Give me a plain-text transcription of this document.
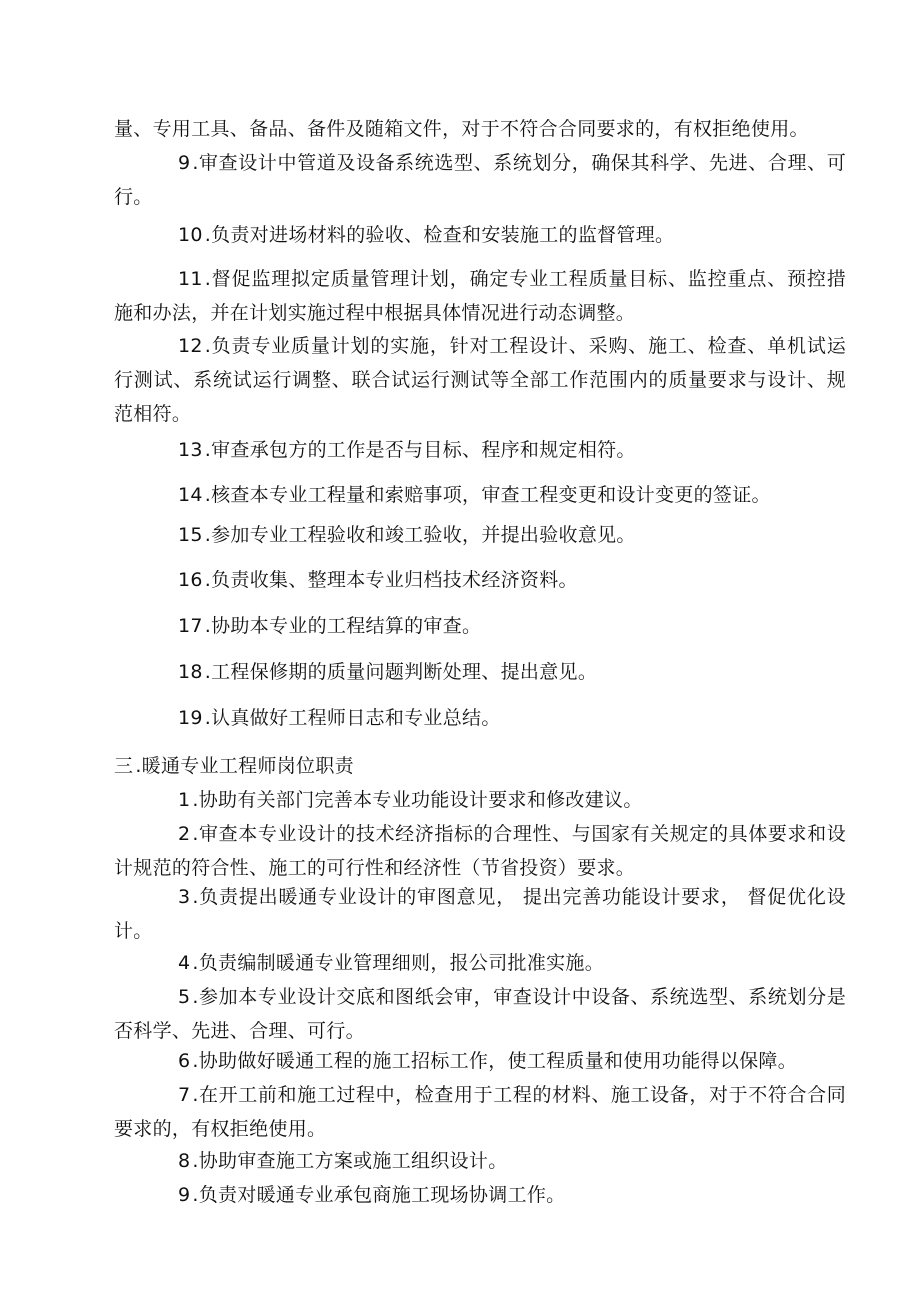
量、专用工具、备品、备件及随箱文件，对于不符合合同要求的，有权拒绝使用。

9 .审查设计中管道及设备系统选型、系统划分，确保其科学、先进、合理、可行。

10 .负责对进场材料的验收、检查和安装施工的监督管理。

11 .督促监理拟定质量管理计划，确定专业工程质量目标、监控重点、预控措施和办法，并在计划实施过程中根据具体情况进行动态调整。

12 .负责专业质量计划的实施，针对工程设计、采购、施工、检查、单机试运行测试、系统试运行调整、联合试运行测试等全部工作范围内的质量要求与设计、规范相符。

13 .审查承包方的工作是否与目标、程序和规定相符。

14 .核查本专业工程量和索赔事项，审查工程变更和设计变更的签证。

15 .参加专业工程验收和竣工验收，并提出验收意见。

16 .负责收集、整理本专业归档技术经济资料。

17 .协助本专业的工程结算的审查。

18 .工程保修期的质量问题判断处理、提出意见。

19 .认真做好工程师日志和专业总结。

三 .暖通专业工程师岗位职责

1 .协助有关部门完善本专业功能设计要求和修改建议。

2 .审查本专业设计的技术经济指标的合理性、与国家有关规定的具体要求和设计规范的符合性、施工的可行性和经济性（节省投资）要求。

3 .负责提出暖通专业设计的审图意见， 提出完善功能设计要求， 督促优化设计。

4 .负责编制暖通专业管理细则，报公司批准实施。

5 .参加本专业设计交底和图纸会审，审查设计中设备、系统选型、系统划分是否科学、先进、合理、可行。

6 .协助做好暖通工程的施工招标工作，使工程质量和使用功能得以保障。

7 .在开工前和施工过程中，检查用于工程的材料、施工设备，对于不符合合同要求的，有权拒绝使用。

8 .协助审查施工方案或施工组织设计。

9 .负责对暖通专业承包商施工现场协调工作。
